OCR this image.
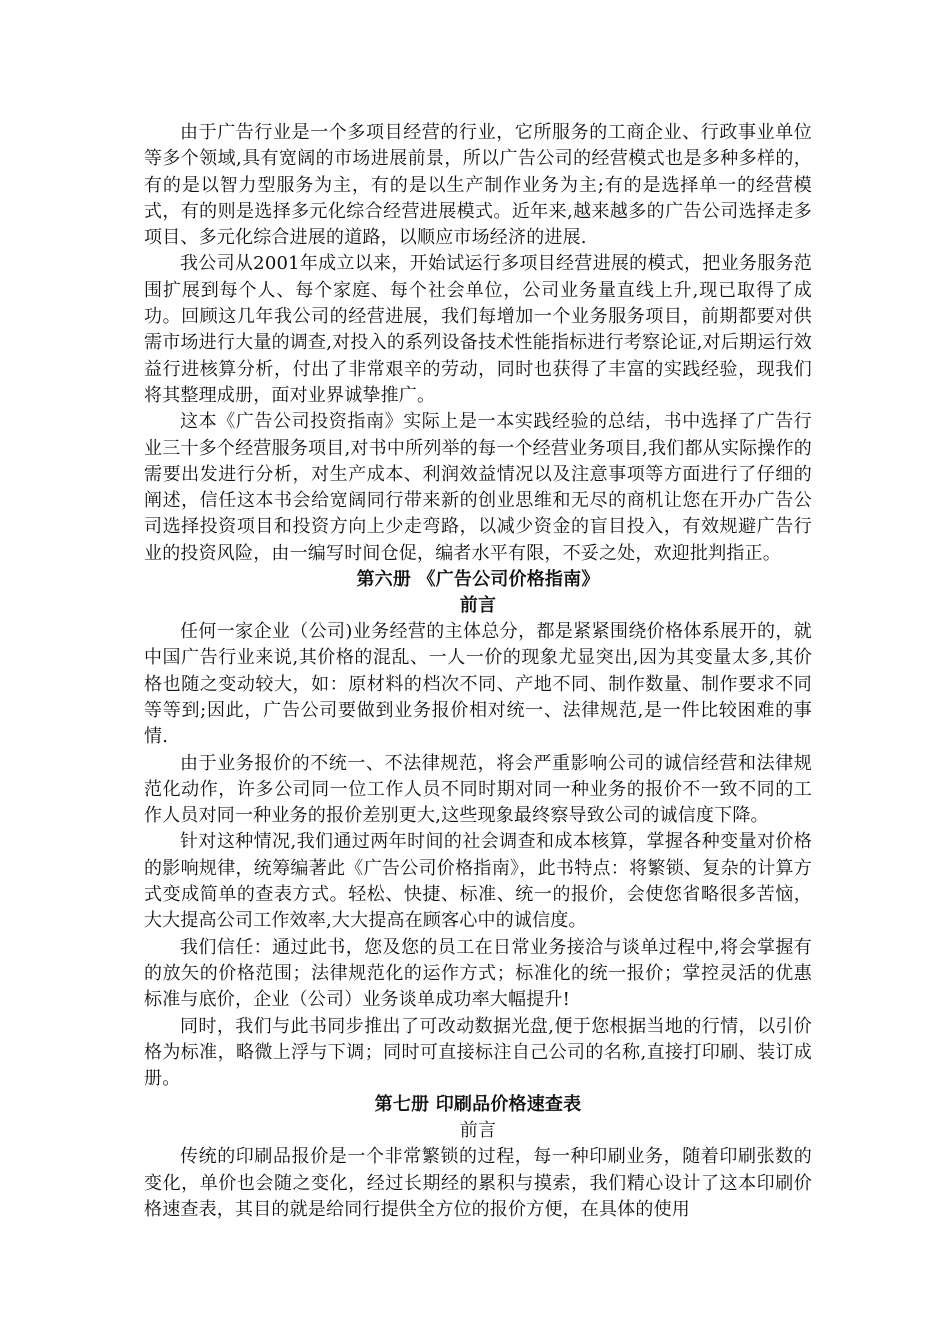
由于广告行业是一个多项目经营的行业，它所服务的工商企业、行政事业单位等多个领域,具有宽阔的市场进展前景，所以广告公司的经营模式也是多种多样的，有的是以智力型服务为主，有的是以生产制作业务为主;有的是选择单一的经营模式，有的则是选择多元化综合经营进展模式。近年来,越来越多的广告公司选择走多项目、多元化综合进展的道路，以顺应市场经济的进展.

我公司从2001年成立以来，开始试运行多项目经营进展的模式，把业务服务范围扩展到每个人、每个家庭、每个社会单位，公司业务量直线上升,现已取得了成功。回顾这几年我公司的经营进展，我们每增加一个业务服务项目，前期都要对供需市场进行大量的调查,对投入的系列设备技术性能指标进行考察论证,对后期运行效益行进核算分析，付出了非常艰辛的劳动，同时也获得了丰富的实践经验，现我们将其整理成册，面对业界诚挚推广。

这本《广告公司投资指南》实际上是一本实践经验的总结，书中选择了广告行业三十多个经营服务项目,对书中所列举的每一个经营业务项目,我们都从实际操作的需要出发进行分析，对生产成本、利润效益情况以及注意事项等方面进行了仔细的阐述，信任这本书会给宽阔同行带来新的创业思维和无尽的商机让您在开办广告公司选择投资项目和投资方向上少走弯路，以减少资金的盲目投入，有效规避广告行业的投资风险，由一编写时间仓促，编者水平有限，不妥之处，欢迎批判指正。

第六册 《广告公司价格指南》

前言

任何一家企业（公司)业务经营的主体总分，都是紧紧围绕价格体系展开的，就中国广告行业来说,其价格的混乱、一人一价的现象尤显突出,因为其变量太多,其价格也随之变动较大，如：原材料的档次不同、产地不同、制作数量、制作要求不同等等到;因此，广告公司要做到业务报价相对统一、法律规范,是一件比较困难的事情.

由于业务报价的不统一、不法律规范，将会严重影响公司的诚信经营和法律规范化动作，许多公司同一位工作人员不同时期对同一种业务的报价不一致不同的工作人员对同一种业务的报价差别更大,这些现象最终察导致公司的诚信度下降。

针对这种情况,我们通过两年时间的社会调查和成本核算，掌握各种变量对价格的影响规律，统筹编著此《广告公司价格指南》，此书特点：将繁锁、复杂的计算方式变成简单的查表方式。轻松、快捷、标准、统一的报价，会使您省略很多苦恼，大大提高公司工作效率,大大提高在顾客心中的诚信度。

我们信任：通过此书，您及您的员工在日常业务接洽与谈单过程中,将会掌握有的放矢的价格范围；法律规范化的运作方式；标准化的统一报价；掌控灵活的优惠标准与底价，企业（公司）业务谈单成功率大幅提升!

同时，我们与此书同步推出了可改动数据光盘,便于您根据当地的行情，以引价格为标准，略微上浮与下调；同时可直接标注自己公司的名称,直接打印刷、装订成册。

第七册 印刷品价格速查表

前言

传统的印刷品报价是一个非常繁锁的过程，每一种印刷业务，随着印刷张数的变化，单价也会随之变化，经过长期经的累积与摸索，我们精心设计了这本印刷价格速查表，其目的就是给同行提供全方位的报价方便，在具体的使用
